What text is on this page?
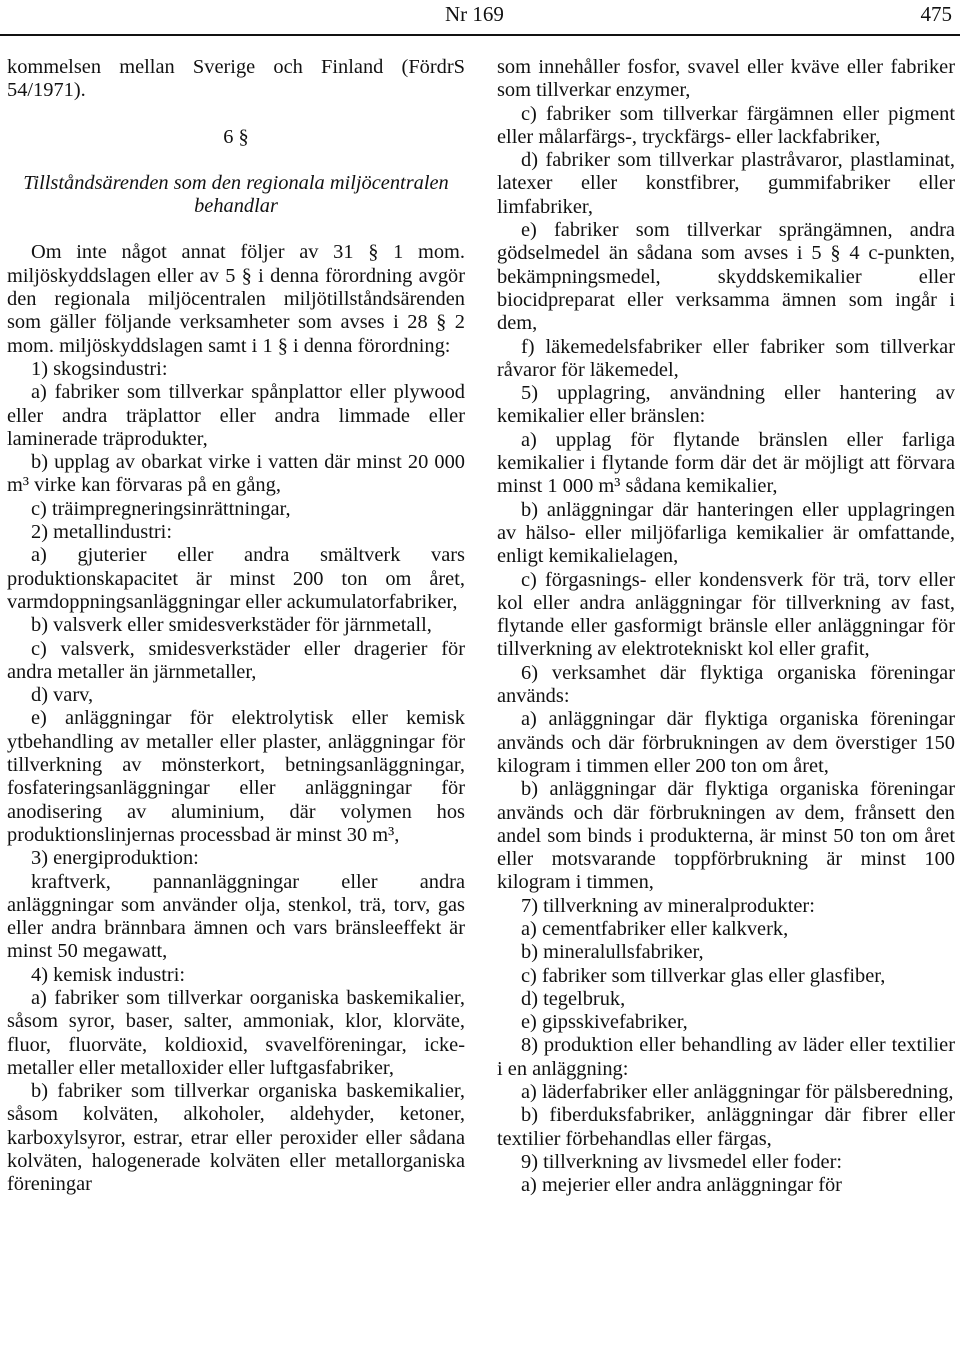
Nr 169	475

kommelsen mellan Sverige och Finland (FördrS 54/1971).

6 §

Tillståndsärenden som den regionala miljöcentralen behandlar

Om inte något annat följer av 31 § 1 mom. miljöskyddslagen eller av 5 § i denna förordning avgör den regionala miljöcentralen miljötillståndsärenden som gäller följande verksamheter som avses i 28 § 2 mom. miljöskyddslagen samt i 1 § i denna förordning:

1) skogsindustri:

a) fabriker som tillverkar spånplattor eller plywood eller andra träplattor eller andra limmade eller laminerade träprodukter,

b) upplag av obarkat virke i vatten där minst 20 000 m³ virke kan förvaras på en gång,

c) träimpregneringsinrättningar,

2) metallindustri:

a) gjuterier eller andra smältverk vars produktionskapacitet är minst 200 ton om året, varmdoppningsanläggningar eller ackumulatorfabriker,

b) valsverk eller smidesverkstäder för järnmetall,

c) valsverk, smidesverkstäder eller dragerier för andra metaller än järnmetaller,

d) varv,

e) anläggningar för elektrolytisk eller kemisk ytbehandling av metaller eller plaster, anläggningar för tillverkning av mönsterkort, betningsanläggningar, fosfateringsanläggningar eller anläggningar för anodisering av aluminium, där volymen hos produktionslinjernas processbad är minst 30 m³,

3) energiproduktion:

kraftverk, pannanläggningar eller andra anläggningar som använder olja, stenkol, trä, torv, gas eller andra brännbara ämnen och vars bränsleeffekt är minst 50 megawatt,

4) kemisk industri:

a) fabriker som tillverkar oorganiska baskemikalier, såsom syror, baser, salter, ammoniak, klor, klorväte, fluor, fluorväte, koldioxid, svavelföreningar, icke-metaller eller metalloxider eller luftgasfabriker,

b) fabriker som tillverkar organiska baskemikalier, såsom kolväten, alkoholer, aldehyder, ketoner, karboxylsyror, estrar, etrar eller peroxider eller sådana kolväten, halogenerade kolväten eller metallorganiska föreningar

som innehåller fosfor, svavel eller kväve eller fabriker som tillverkar enzymer,

c) fabriker som tillverkar färgämnen eller pigment eller målarfärgs-, tryckfärgs- eller lackfabriker,

d) fabriker som tillverkar plastråvaror, plastlaminat, latexer eller konstfibrer, gummifabriker eller limfabriker,

e) fabriker som tillverkar sprängämnen, andra gödselmedel än sådana som avses i 5 § 4 c-punkten, bekämpningsmedel, skyddskemikalier eller biocidpreparat eller verksamma ämnen som ingår i dem,

f) läkemedelsfabriker eller fabriker som tillverkar råvaror för läkemedel,

5) upplagring, användning eller hantering av kemikalier eller bränslen:

a) upplag för flytande bränslen eller farliga kemikalier i flytande form där det är möjligt att förvara minst 1 000 m³ sådana kemikalier,

b) anläggningar där hanteringen eller upplagringen av hälso- eller miljöfarliga kemikalier är omfattande, enligt kemikalielagen,

c) förgasnings- eller kondensverk för trä, torv eller kol eller andra anläggningar för tillverkning av fast, flytande eller gasformigt bränsle eller anläggningar för tillverkning av elektrotekniskt kol eller grafit,

6) verksamhet där flyktiga organiska föreningar används:

a) anläggningar där flyktiga organiska föreningar används och där förbrukningen av dem överstiger 150 kilogram i timmen eller 200 ton om året,

b) anläggningar där flyktiga organiska föreningar används och där förbrukningen av dem, frånsett den andel som binds i produkterna, är minst 50 ton om året eller motsvarande toppförbrukning är minst 100 kilogram i timmen,

7) tillverkning av mineralprodukter:

a) cementfabriker eller kalkverk,

b) mineralullsfabriker,

c) fabriker som tillverkar glas eller glasfiber,

d) tegelbruk,

e) gipsskivefabriker,

8) produktion eller behandling av läder eller textilier i en anläggning:

a) läderfabriker eller anläggningar för pälsberedning,

b) fiberduksfabriker, anläggningar där fibrer eller textilier förbehandlas eller färgas,

9) tillverkning av livsmedel eller foder:

a) mejerier eller andra anläggningar för
